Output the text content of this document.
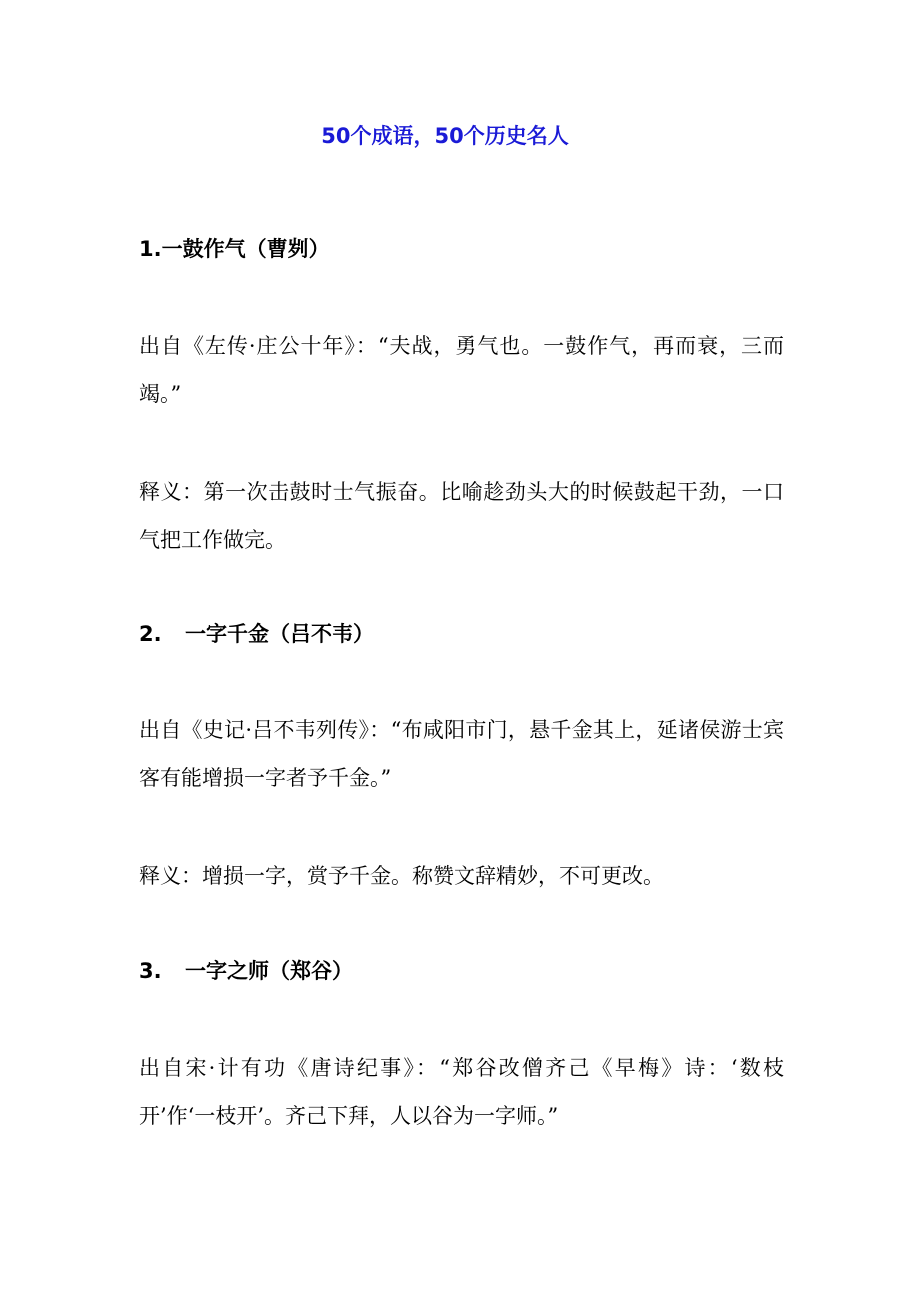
50个成语，50个历史名人
1.一鼓作气（曹刿）

出自《左传·庄公十年》：“夫战，勇气也。一鼓作气，再而衰，三而竭。”

释义：第一次击鼓时士气振奋。比喻趁劲头大的时候鼓起干劲，一口气把工作做完。

2. 一字千金（吕不韦）

出自《史记·吕不韦列传》：“布咸阳市门，悬千金其上，延诸侯游士宾客有能增损一字者予千金。”

释义：增损一字，赏予千金。称赞文辞精妙，不可更改。

3. 一字之师（郑谷）

出自宋·计有功《唐诗纪事》：“郑谷改僧齐己《早梅》诗：‘数枝开’作‘一枝开’。齐己下拜，人以谷为一字师。”
